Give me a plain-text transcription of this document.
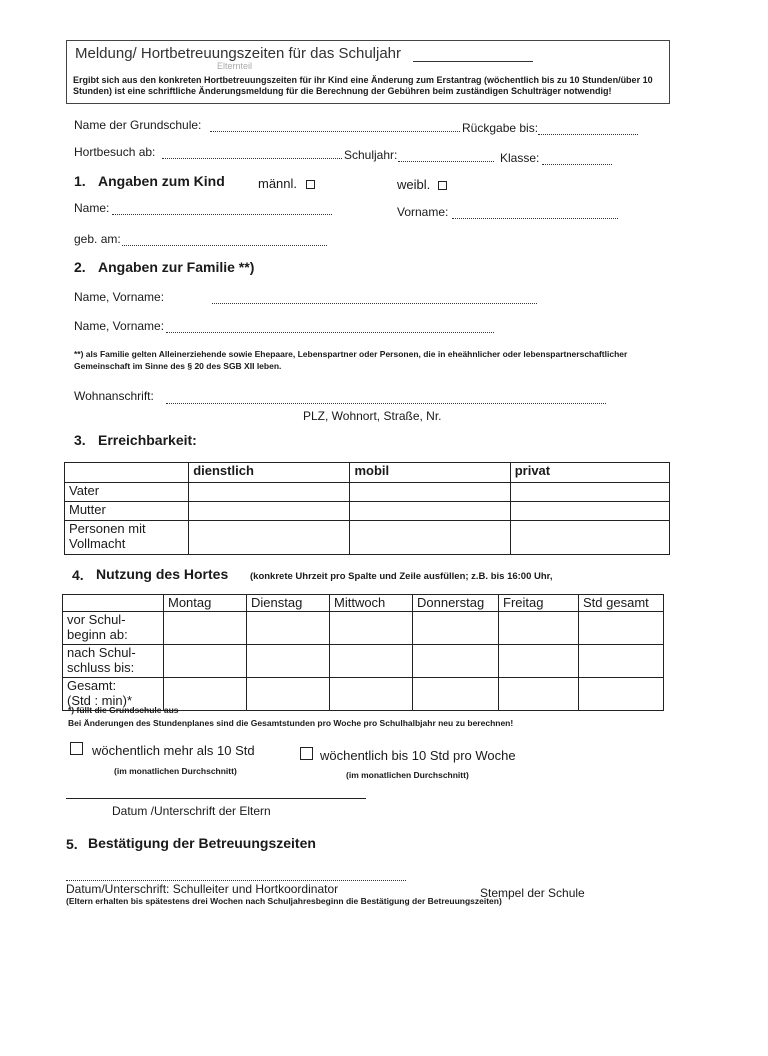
Meldung/ Hortbetreuungszeiten für das Schuljahr
Elternteil
Ergibt sich aus den konkreten Hortbetreuungszeiten für ihr Kind eine Änderung zum Erstantrag (wöchentlich bis zu 10 Stunden/über 10 Stunden) ist eine schriftliche Änderungsmeldung für die Berechnung der Gebühren beim zuständigen Schulträger notwendig!
Name der Grundschule:	Rückgabe bis:
Hortbesuch ab:	Schuljahr:	Klasse:
1. Angaben zum Kind	männl.	weibl.
Name:	Vorname:
geb. am:
2. Angaben zur Familie **)
Name, Vorname:
Name, Vorname:
**) als Familie gelten Alleinerziehende sowie Ehepaare, Lebenspartner oder Personen, die in eheähnlicher oder lebenspartnerschaftlicher
Gemeinschaft im Sinne des § 20 des SGB XII leben.
Wohnanschrift:
PLZ, Wohnort, Straße, Nr.
3. Erreichbarkeit:
	dienstlich	mobil	privat
Vater			
Mutter			

Personen mit
Vollmacht			

4. Nutzung des Hortes (konkrete Uhrzeit pro Spalte und Zeile ausfüllen; z.B. bis 16:00 Uhr,
	Montag	Dienstag	Mittwoch	Donnerstag	Freitag	Std gesamt

vor Schul-
beginn ab:						

nach Schul-
schluss bis:						

Gesamt:
(Std : min)*						

*) füllt die Grundschule aus
Bei Änderungen des Stundenplanes sind die Gesamtstunden pro Woche pro Schulhalbjahr neu zu berechnen!
wöchentlich mehr als 10 Std
(im monatlichen Durchschnitt)
wöchentlich bis 10 Std pro Woche
(im monatlichen Durchschnitt)
Datum /Unterschrift der Eltern
5. Bestätigung der Betreuungszeiten
Datum/Unterschrift: Schulleiter und Hortkoordinator	Stempel der Schule
(Eltern erhalten bis spätestens drei Wochen nach Schuljahresbeginn die Bestätigung der Betreuungszeiten)
